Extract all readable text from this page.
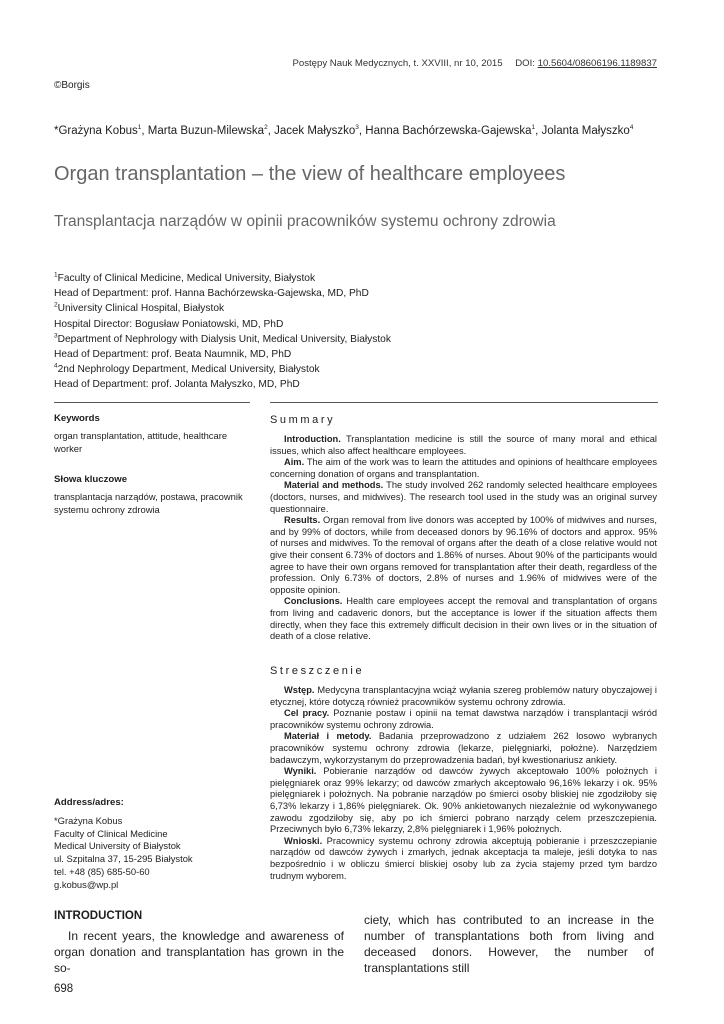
Postępy Nauk Medycznych, t. XXVIII, nr 10, 2015 DOI: 10.5604/08606196.1189837
©Borgis
*Grażyna Kobus$^1$, Marta Buzun-Milewska$^2$, Jacek Małyszko$^3$, Hanna Bachórzewska-Gajewska$^1$, Jolanta Małyszko$^4$
Organ transplantation – the view of healthcare employees
Transplantacja narządów w opinii pracowników systemu ochrony zdrowia
$^1$Faculty of Clinical Medicine, Medical University, Białystok
Head of Department: prof. Hanna Bachórzewska-Gajewska, MD, PhD
$^2$University Clinical Hospital, Białystok
Hospital Director: Bogusław Poniatowski, MD, PhD
$^3$Department of Nephrology with Dialysis Unit, Medical University, Białystok
Head of Department: prof. Beata Naumnik, MD, PhD
$^4$2nd Nephrology Department, Medical University, Białystok
Head of Department: prof. Jolanta Małyszko, MD, PhD
Keywords
organ transplantation, attitude, healthcare worker
Słowa kluczowe
transplantacja narządów, postawa, pracownik systemu ochrony zdrowia
Address/adres:
*Grażyna Kobus
Faculty of Clinical Medicine
Medical University of Białystok
ul. Szpitalna 37, 15-295 Białystok
tel. +48 (85) 685-50-60
g.kobus@wp.pl
Summary

Introduction. Transplantation medicine is still the source of many moral and ethical issues, which also affect healthcare employees.

Aim. The aim of the work was to learn the attitudes and opinions of healthcare employees concerning donation of organs and transplantation.

Material and methods. The study involved 262 randomly selected healthcare employees (doctors, nurses, and midwives). The research tool used in the study was an original survey questionnaire.

Results. Organ removal from live donors was accepted by 100% of midwives and nurses, and by 99% of doctors, while from deceased donors by 96.16% of doctors and approx. 95% of nurses and midwives. To the removal of organs after the death of a close relative would not give their consent 6.73% of doctors and 1.86% of nurses. About 90% of the participants would agree to have their own organs removed for transplantation after their death, regardless of the profession. Only 6.73% of doctors, 2.8% of nurses and 1.96% of midwives were of the opposite opinion.

Conclusions. Health care employees accept the removal and transplantation of organs from living and cadaveric donors, but the acceptance is lower if the situation affects them directly, when they face this extremely difficult decision in their own lives or in the situation of death of a close relative.

Streszczenie

Wstęp. Medycyna transplantacyjna wciąż wyłania szereg problemów natury obyczajowej i etycznej, które dotyczą również pracowników systemu ochrony zdrowia.

Cel pracy. Poznanie postaw i opinii na temat dawstwa narządów i transplantacji wśród pracowników systemu ochrony zdrowia.

Materiał i metody. Badania przeprowadzono z udziałem 262 losowo wybranych pracowników systemu ochrony zdrowia (lekarze, pielęgniarki, położne). Narzędziem badawczym, wykorzystanym do przeprowadzenia badań, był kwestionariusz ankiety.

Wyniki. Pobieranie narządów od dawców żywych akceptowało 100% położnych i pielęgniarek oraz 99% lekarzy; od dawców zmarłych akceptowało 96,16% lekarzy i ok. 95% pielęgniarek i położnych. Na pobranie narządów po śmierci osoby bliskiej nie zgodziłoby się 6,73% lekarzy i 1,86% pielęgniarek. Ok. 90% ankietowanych niezależnie od wykonywanego zawodu zgodziłoby się, aby po ich śmierci pobrano narządy celem przeszczepienia. Przeciwnych było 6,73% lekarzy, 2,8% pielęgniarek i 1,96% położnych.

Wnioski. Pracownicy systemu ochrony zdrowia akceptują pobieranie i przeszczepianie narządów od dawców żywych i zmarłych, jednak akceptacja ta maleje, jeśli dotyka to nas bezpośrednio i w obliczu śmierci bliskiej osoby lub za życia stajemy przed tym bardzo trudnym wyborem.

INTRODUCTION
In recent years, the knowledge and awareness of organ donation and transplantation has grown in the so-
ciety, which has contributed to an increase in the number of transplantations both from living and deceased donors. However, the number of transplantations still
698
